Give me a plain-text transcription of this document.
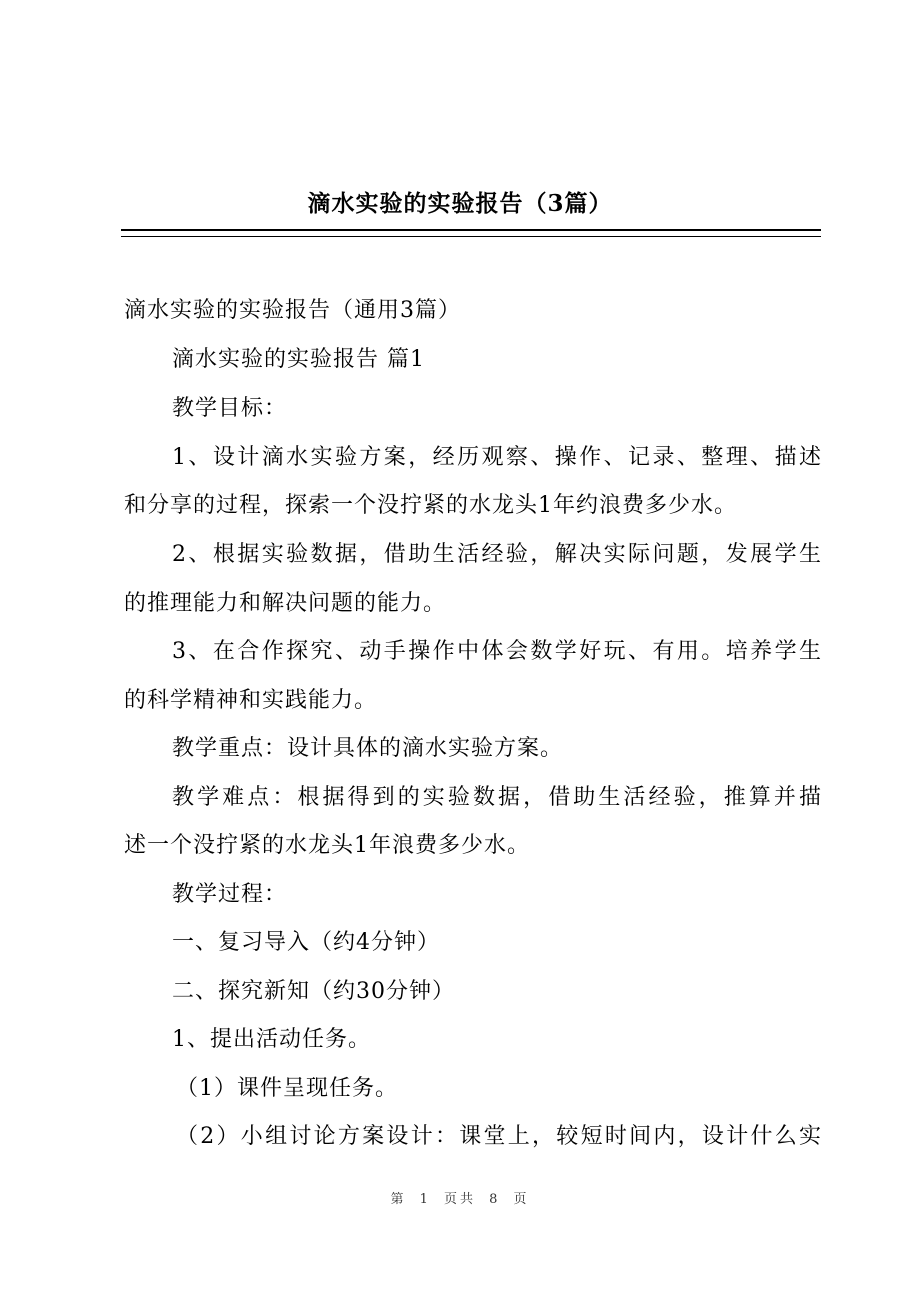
滴水实验的实验报告（3篇）
滴水实验的实验报告（通用3篇）
滴水实验的实验报告 篇1
教学目标：
1、设计滴水实验方案，经历观察、操作、记录、整理、描述
和分享的过程，探索一个没拧紧的水龙头1年约浪费多少水。
2、根据实验数据，借助生活经验，解决实际问题，发展学生
的推理能力和解决问题的能力。
3、在合作探究、动手操作中体会数学好玩、有用。培养学生
的科学精神和实践能力。
教学重点：设计具体的滴水实验方案。
教学难点：根据得到的实验数据，借助生活经验，推算并描
述一个没拧紧的水龙头1年浪费多少水。
教学过程：
一、复习导入（约4分钟）
二、探究新知（约30分钟）
1、提出活动任务。
（1）课件呈现任务。
（2）小组讨论方案设计：课堂上，较短时间内，设计什么实
第 1 页共 8 页
